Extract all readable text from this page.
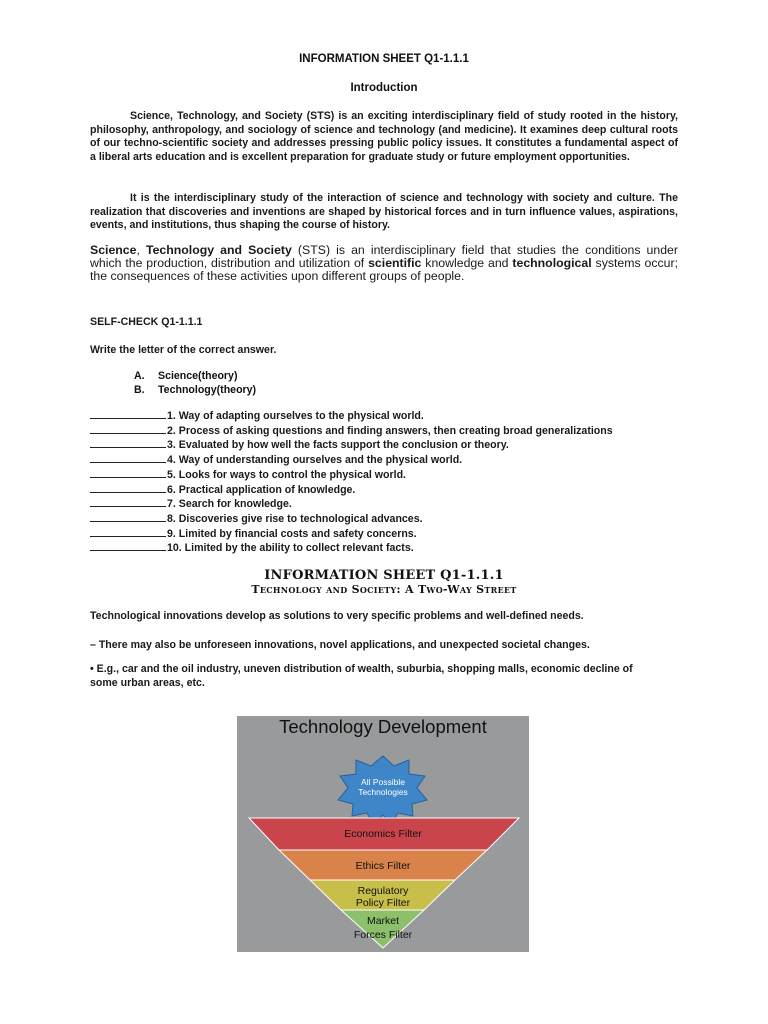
INFORMATION SHEET Q1-1.1.1
Introduction
Science, Technology, and Society (STS) is an exciting interdisciplinary field of study rooted in the history, philosophy, anthropology, and sociology of science and technology (and medicine). It examines deep cultural roots of our techno-scientific society and addresses pressing public policy issues. It constitutes a fundamental aspect of a liberal arts education and is excellent preparation for graduate study or future employment opportunities.
It is the interdisciplinary study of the interaction of science and technology with society and culture. The realization that discoveries and inventions are shaped by historical forces and in turn influence values, aspirations, events, and institutions, thus shaping the course of history.
Science, Technology and Society (STS) is an interdisciplinary field that studies the conditions under which the production, distribution and utilization of scientific knowledge and technological systems occur; the consequences of these activities upon different groups of people.
SELF-CHECK Q1-1.1.1
Write the letter of the correct answer.
A. Science(theory)
B. Technology(theory)
1. Way of adapting ourselves to the physical world.
2. Process of asking questions and finding answers, then creating broad generalizations
3. Evaluated by how well the facts support the conclusion or theory.
4. Way of understanding ourselves and the physical world.
5. Looks for ways to control the physical world.
6. Practical application of knowledge.
7. Search for knowledge.
8. Discoveries give rise to technological advances.
9. Limited by financial costs and safety concerns.
10. Limited by the ability to collect relevant facts.
INFORMATION SHEET Q1-1.1.1
Technology and Society: A Two-Way Street
Technological innovations develop as solutions to very specific problems and well-defined needs.
– There may also be unforeseen innovations, novel applications, and unexpected societal changes.
• E.g., car and the oil industry, uneven distribution of wealth, suburbia, shopping malls, economic decline of some urban areas, etc.
Technology Development
All Possible
Technologies
Economics Filter
Ethics Filter
Regulatory
Policy Filter
Market
Forces Filter
